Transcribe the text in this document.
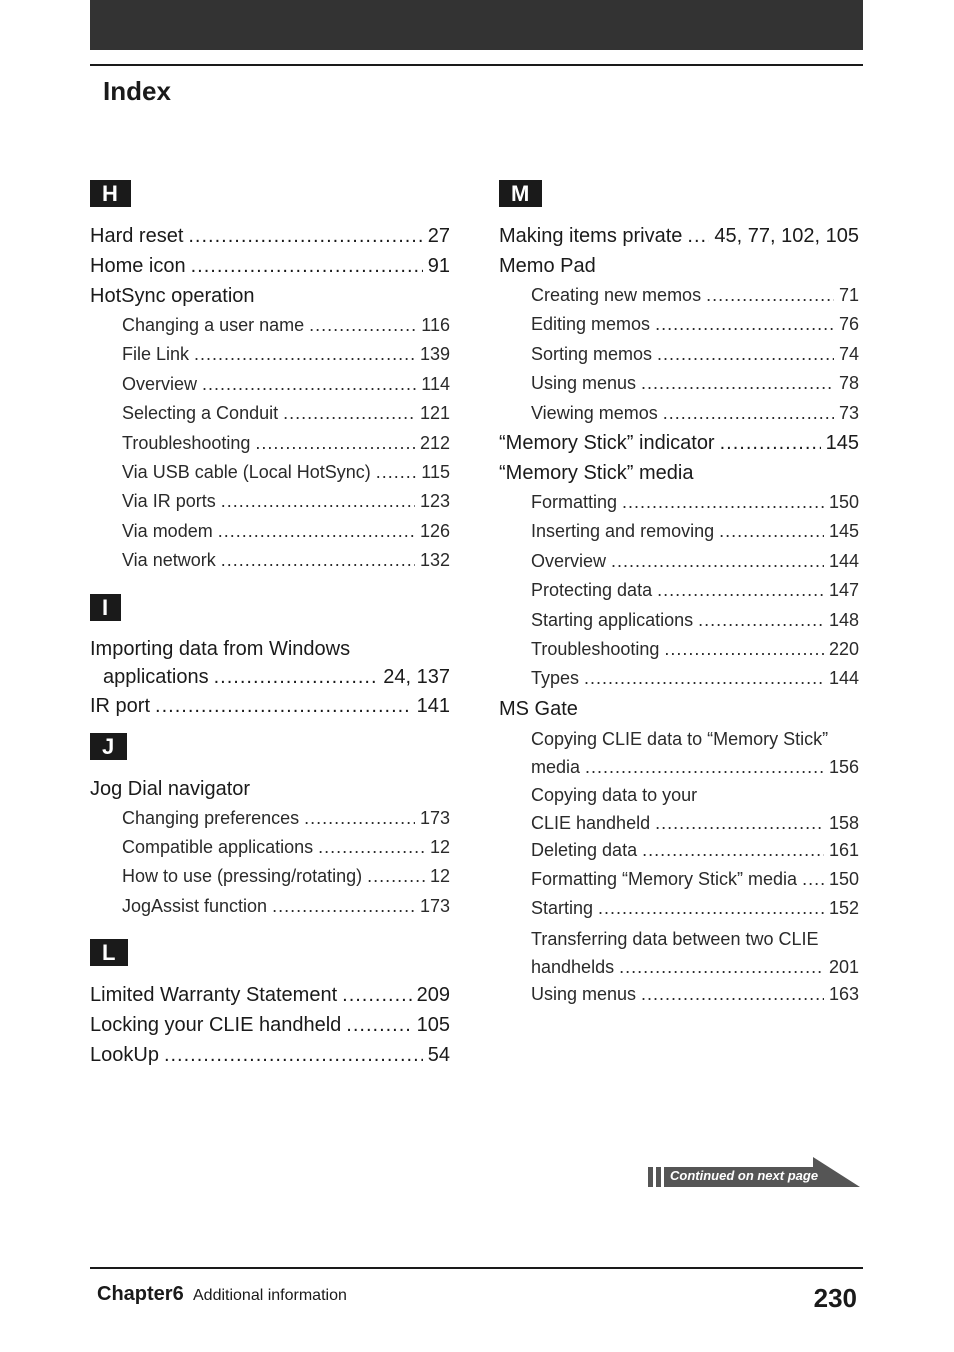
Index
H
Hard reset .....	27
Home icon .....	91
HotSync operation
Changing a user name .....	116
File Link .....	139
Overview .....	114
Selecting a Conduit .....	121
Troubleshooting .....	212
Via USB cable (Local HotSync) .....	115
Via IR ports .....	123
Via modem .....	126
Via network .....	132
I
Importing data from Windows
applications .....	24, 137
IR port .....	141
J
Jog Dial navigator
Changing preferences .....	173
Compatible applications .....	12
How to use (pressing/rotating) .....	12
JogAssist function .....	173
L
Limited Warranty Statement .....	209
Locking your CLIE handheld .....	105
LookUp .....	54
M
Making items private ..... 45, 77, 102, 105
Memo Pad
Creating new memos .....	71
Editing memos .....	76
Sorting memos .....	74
Using menus .....	78
Viewing memos .....	73
“Memory Stick” indicator .....	145
“Memory Stick” media
Formatting .....	150
Inserting and removing .....	145
Overview .....	144
Protecting data .....	147
Starting applications .....	148
Troubleshooting .....	220
Types .....	144
MS Gate
Copying CLIE data to “Memory Stick”
media .....	156
Copying data to your
CLIE handheld .....	158
Deleting data .....	161
Formatting “Memory Stick” media ..... 150
Starting .....	152
Transferring data between two CLIE
handhelds .....	201
Using menus .....	163
Continued on next page
Chapter6 Additional information	230
